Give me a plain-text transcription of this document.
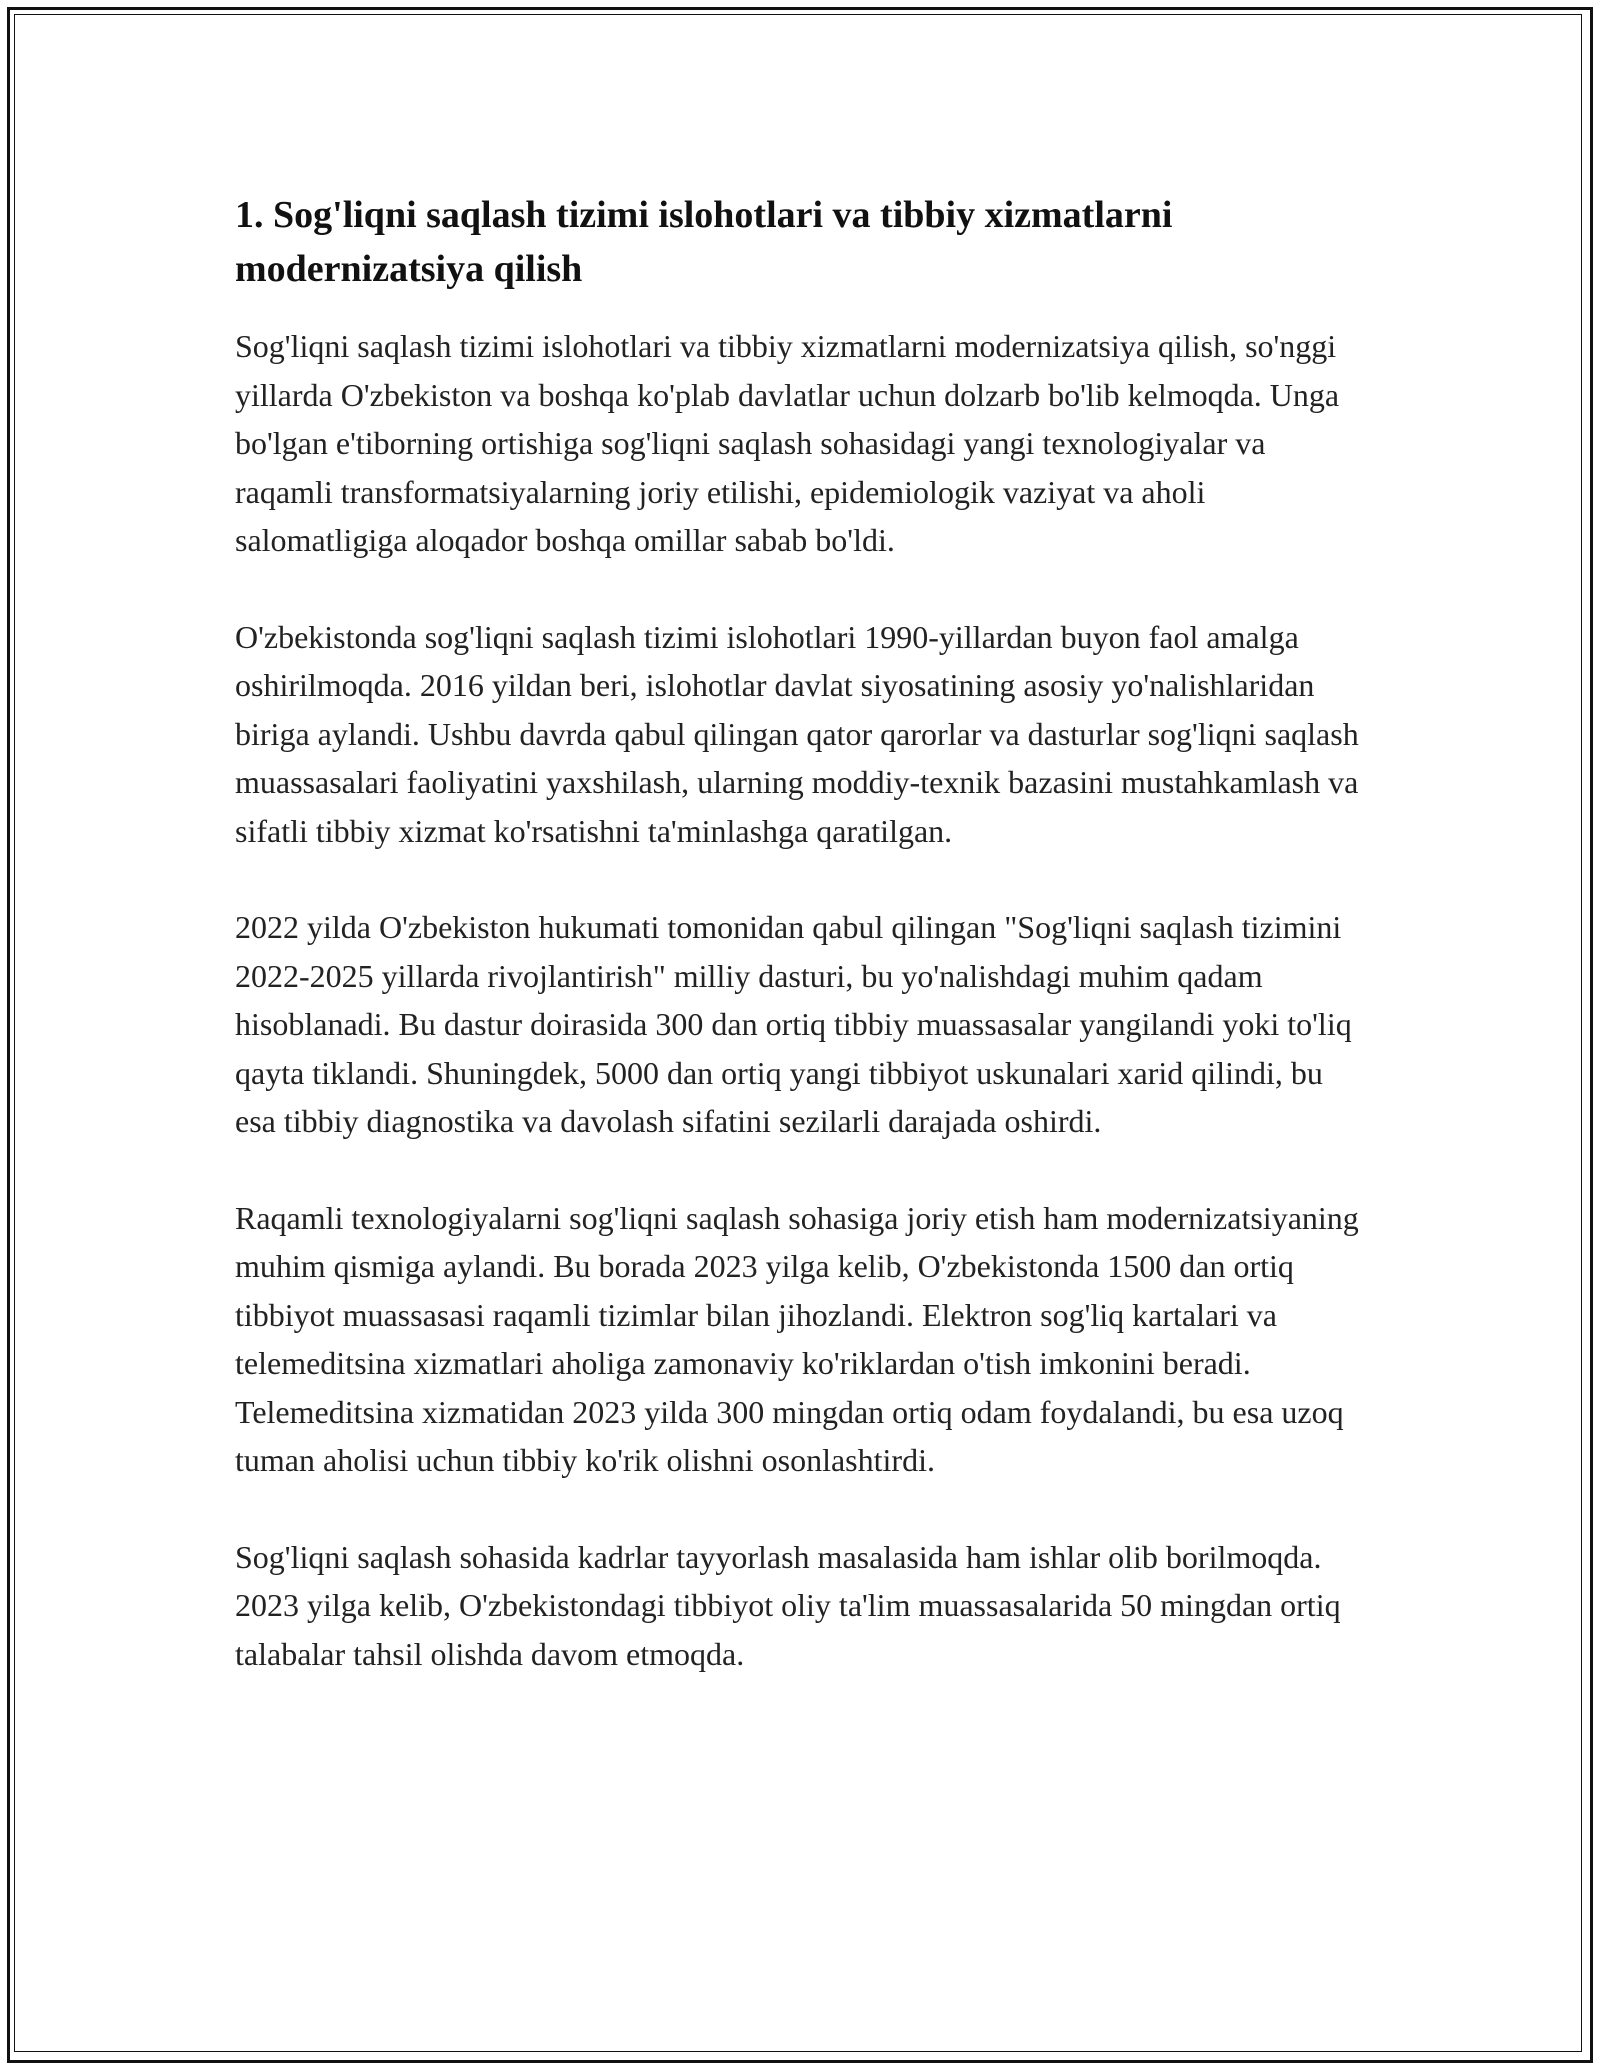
1. Sog'liqni saqlash tizimi islohotlari va tibbiy xizmatlarni modernizatsiya qilish

Sog'liqni saqlash tizimi islohotlari va tibbiy xizmatlarni modernizatsiya qilish, so'nggi yillarda O'zbekiston va boshqa ko'plab davlatlar uchun dolzarb bo'lib kelmoqda. Unga bo'lgan e'tiborning ortishiga sog'liqni saqlash sohasidagi yangi texnologiyalar va raqamli transformatsiyalarning joriy etilishi, epidemiologik vaziyat va aholi salomatligiga aloqador boshqa omillar sabab bo'ldi.

O'zbekistonda sog'liqni saqlash tizimi islohotlari 1990-yillardan buyon faol amalga oshirilmoqda. 2016 yildan beri, islohotlar davlat siyosatining asosiy yo'nalishlaridan biriga aylandi. Ushbu davrda qabul qilingan qator qarorlar va dasturlar sog'liqni saqlash muassasalari faoliyatini yaxshilash, ularning moddiy-texnik bazasini mustahkamlash va sifatli tibbiy xizmat ko'rsatishni ta'minlashga qaratilgan.

2022 yilda O'zbekiston hukumati tomonidan qabul qilingan "Sog'liqni saqlash tizimini 2022-2025 yillarda rivojlantirish" milliy dasturi, bu yo'nalishdagi muhim qadam hisoblanadi. Bu dastur doirasida 300 dan ortiq tibbiy muassasalar yangilandi yoki to'liq qayta tiklandi. Shuningdek, 5000 dan ortiq yangi tibbiyot uskunalari xarid qilindi, bu esa tibbiy diagnostika va davolash sifatini sezilarli darajada oshirdi.

Raqamli texnologiyalarni sog'liqni saqlash sohasiga joriy etish ham modernizatsiyaning muhim qismiga aylandi. Bu borada 2023 yilga kelib, O'zbekistonda 1500 dan ortiq tibbiyot muassasasi raqamli tizimlar bilan jihozlandi. Elektron sog'liq kartalari va telemeditsina xizmatlari aholiga zamonaviy ko'riklardan o'tish imkonini beradi. Telemeditsina xizmatidan 2023 yilda 300 mingdan ortiq odam foydalandi, bu esa uzoq tuman aholisi uchun tibbiy ko'rik olishni osonlashtirdi.

Sog'liqni saqlash sohasida kadrlar tayyorlash masalasida ham ishlar olib borilmoqda. 2023 yilga kelib, O'zbekistondagi tibbiyot oliy ta'lim muassasalarida 50 mingdan ortiq talabalar tahsil olishda davom etmoqda.
